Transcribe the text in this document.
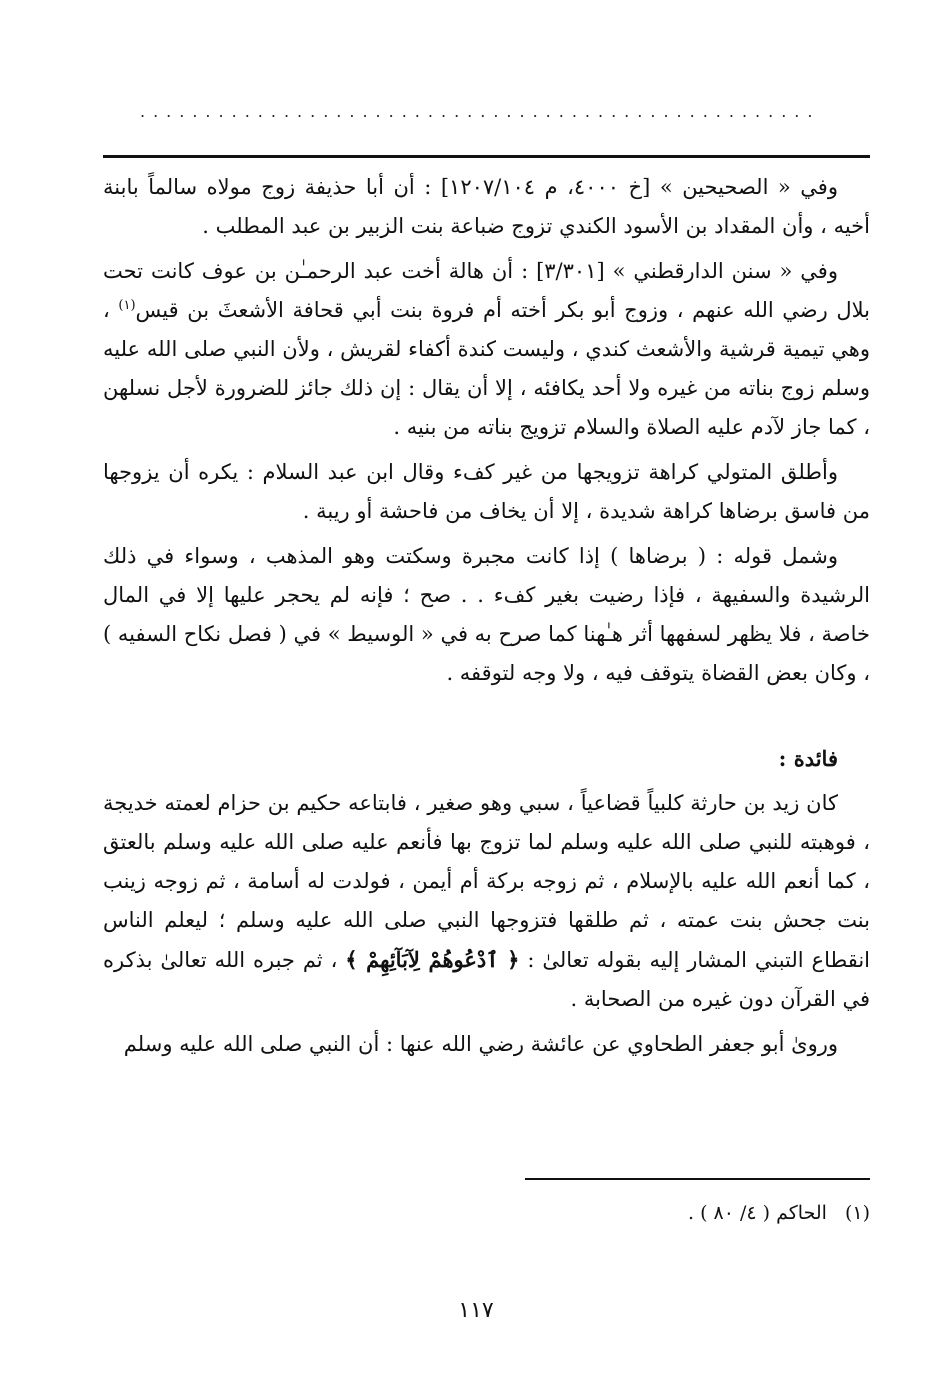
....................................................

وفي « الصحيحين » [خ ٤٠٠٠، م ١٢٠٧/١٠٤] : أن أبا حذيفة زوج مولاه سالماً بابنة أخيه ، وأن المقداد بن الأسود الكندي تزوج ضباعة بنت الزبير بن عبد المطلب .

وفي « سنن الدارقطني » [٣/٣٠١] : أن هالة أخت عبد الرحمـٰن بن عوف كانت تحت بلال رضي الله عنهم ، وزوج أبو بكر أخته أم فروة بنت أبي قحافة الأشعثَ بن قيس$^{(١)}$ ، وهي تيمية قرشية والأشعث كندي ، وليست كندة أكفاء لقريش ، ولأن النبي صلى الله عليه وسلم زوج بناته من غيره ولا أحد يكافئه ، إلا أن يقال : إن ذلك جائز للضرورة لأجل نسلهن ، كما جاز لآدم عليه الصلاة والسلام تزويج بناته من بنيه .

وأطلق المتولي كراهة تزويجها من غير كفء وقال ابن عبد السلام : يكره أن يزوجها من فاسق برضاها كراهة شديدة ، إلا أن يخاف من فاحشة أو ريبة .

وشمل قوله : ( برضاها ) إذا كانت مجبرة وسكتت وهو المذهب ، وسواء في ذلك الرشيدة والسفيهة ، فإذا رضيت بغير كفء . . صح ؛ فإنه لم يحجر عليها إلا في المال خاصة ، فلا يظهر لسفهها أثر هـٰهنا كما صرح به في « الوسيط » في ( فصل نكاح السفيه ) ، وكان بعض القضاة يتوقف فيه ، ولا وجه لتوقفه .

فائدة :

كان زيد بن حارثة كلبياً قضاعياً ، سبي وهو صغير ، فابتاعه حكيم بن حزام لعمته خديجة ، فوهبته للنبي صلى الله عليه وسلم لما تزوج بها فأنعم عليه صلى الله عليه وسلم بالعتق ، كما أنعم الله عليه بالإسلام ، ثم زوجه بركة أم أيمن ، فولدت له أسامة ، ثم زوجه زينب بنت جحش بنت عمته ، ثم طلقها فتزوجها النبي صلى الله عليه وسلم ؛ ليعلم الناس انقطاع التبني المشار إليه بقوله تعالىٰ : ﴿ ٱدْعُوهُمْ لِآبَآئِهِمْ ﴾ ، ثم جبره الله تعالىٰ بذكره في القرآن دون غيره من الصحابة .

وروىٰ أبو جعفر الطحاوي عن عائشة رضي الله عنها : أن النبي صلى الله عليه وسلم

(١)الحاكم ( ٤/ ٨٠ ) .
١١٧
